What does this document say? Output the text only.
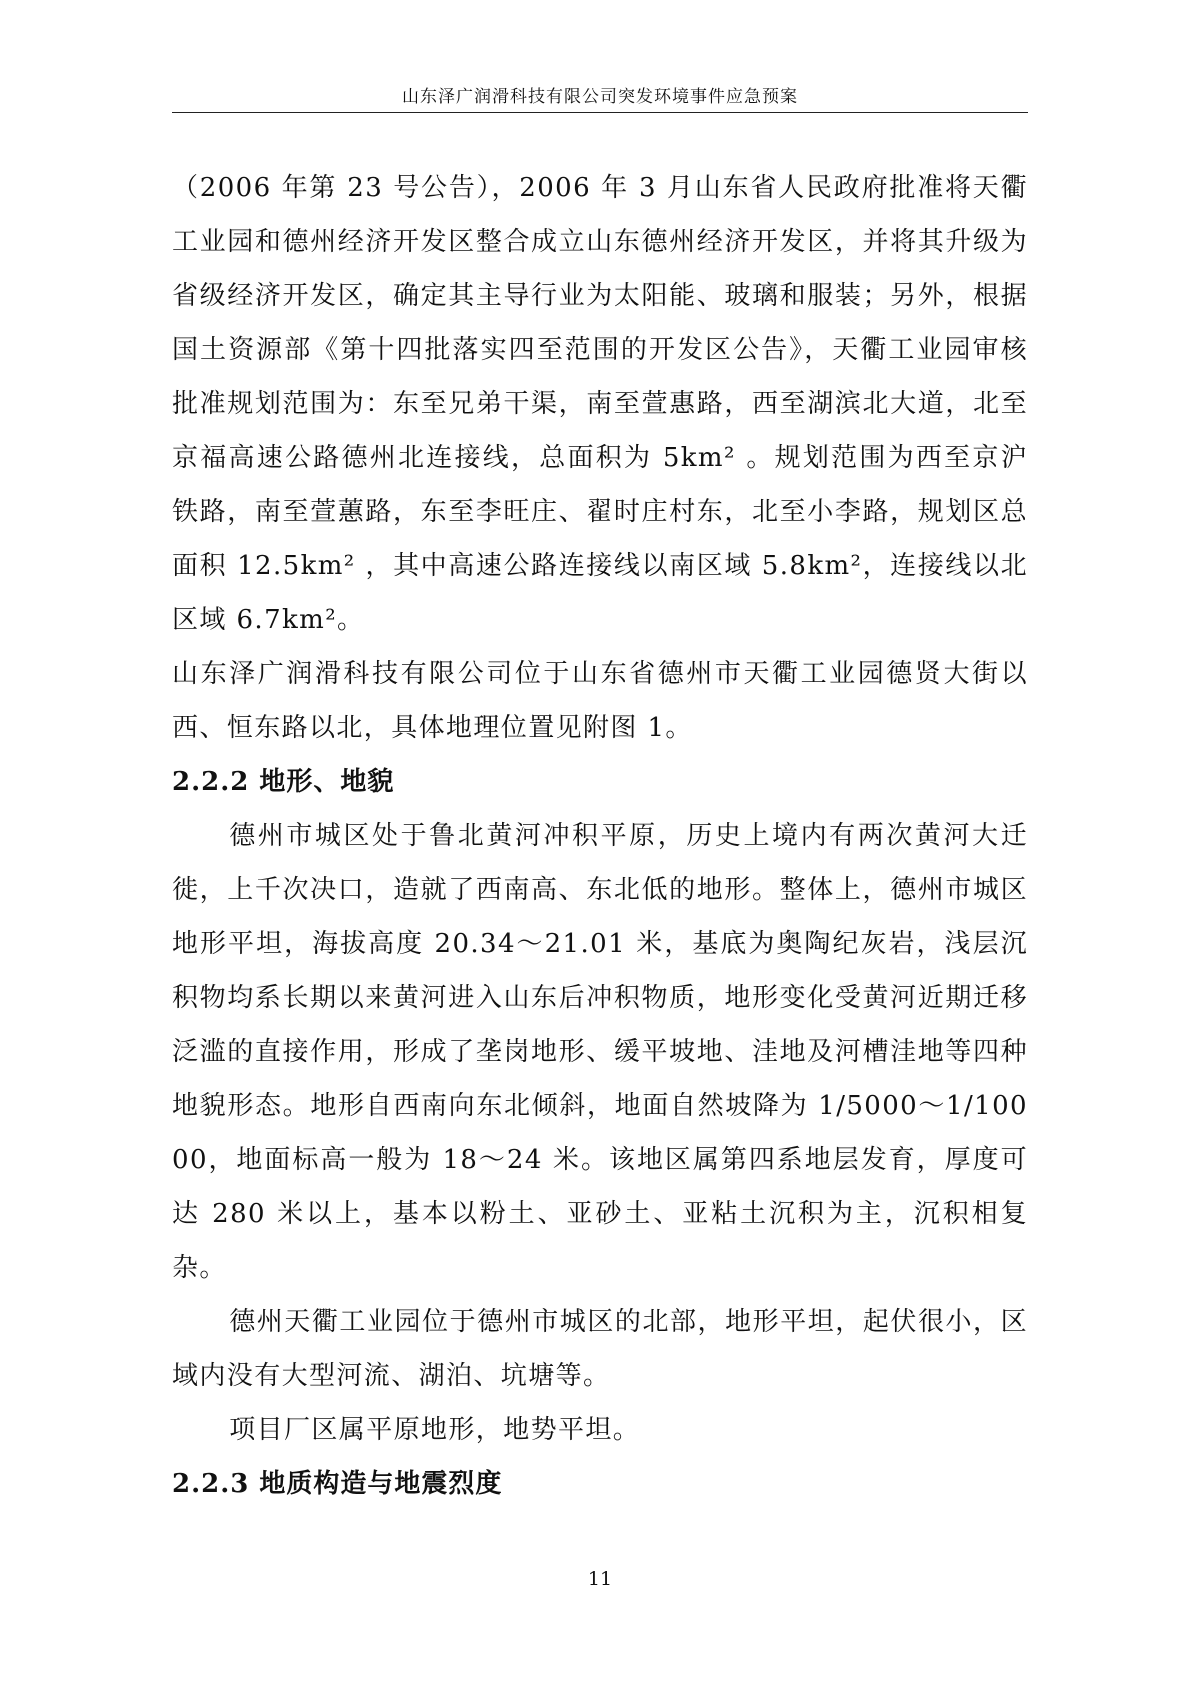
山东泽广润滑科技有限公司突发环境事件应急预案

（2006 年第 23 号公告），2006 年 3 月山东省人民政府批准将天衢工业园和德州经济开发区整合成立山东德州经济开发区，并将其升级为省级经济开发区，确定其主导行业为太阳能、玻璃和服装；另外，根据国土资源部《第十四批落实四至范围的开发区公告》，天衢工业园审核批准规划范围为：东至兄弟干渠，南至萱惠路，西至湖滨北大道，北至京福高速公路德州北连接线，总面积为 5km² 。规划范围为西至京沪铁路，南至萱蕙路，东至李旺庄、翟时庄村东，北至小李路，规划区总面积 12.5km² ，其中高速公路连接线以南区域 5.8km²，连接线以北区域 6.7km²。

山东泽广润滑科技有限公司位于山东省德州市天衢工业园德贤大街以西、恒东路以北，具体地理位置见附图 1。

2.2.2 地形、地貌

德州市城区处于鲁北黄河冲积平原，历史上境内有两次黄河大迁徙，上千次决口，造就了西南高、东北低的地形。整体上，德州市城区地形平坦，海拔高度 20.34～21.01 米，基底为奥陶纪灰岩，浅层沉积物均系长期以来黄河进入山东后冲积物质，地形变化受黄河近期迁移泛滥的直接作用，形成了垄岗地形、缓平坡地、洼地及河槽洼地等四种地貌形态。地形自西南向东北倾斜，地面自然坡降为 1/5000～1/10000，地面标高一般为 18～24 米。该地区属第四系地层发育，厚度可达 280 米以上，基本以粉土、亚砂土、亚粘土沉积为主，沉积相复杂。

德州天衢工业园位于德州市城区的北部，地形平坦，起伏很小，区域内没有大型河流、湖泊、坑塘等。

项目厂区属平原地形，地势平坦。

2.2.3 地质构造与地震烈度
11
